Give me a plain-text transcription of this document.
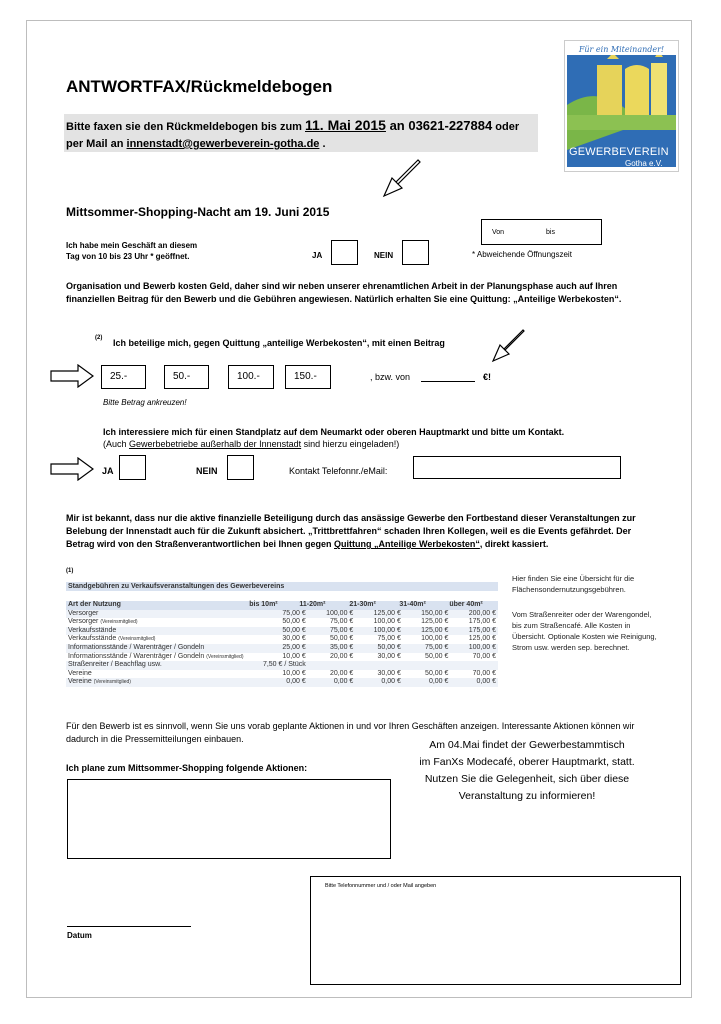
ANTWORTFAX/Rückmeldebogen
Bitte faxen sie den Rückmeldebogen bis zum 11. Mai 2015 an 03621-227884 oder
per Mail an innenstadt@gewerbeverein-gotha.de .
Für ein Miteinander!
GEWERBEVEREIN
Gotha e.V.
Mittsommer-Shopping-Nacht am 19. Juni 2015
Ich habe mein Geschäft an diesem
Tag von 10 bis 23 Uhr * geöffnet.	JA	NEIN
Von	bis
* Abweichende Öffnungszeit
Organisation und Bewerb kosten Geld, daher sind wir neben unserer ehrenamtlichen Arbeit in der Planungsphase auch auf Ihren finanziellen Beitrag für den Bewerb und die Gebühren angewiesen. Natürlich erhalten Sie eine Quittung: „Anteilige Werbekosten“.
(2) Ich beteilige mich, gegen Quittung „anteilige Werbekosten“, mit einen Beitrag
25.-	50.-	100.-	150.-	, bzw. von	€!
Bitte Betrag ankreuzen!
Ich interessiere mich für einen Standplatz auf dem Neumarkt oder oberen Hauptmarkt und bitte um Kontakt.
(Auch Gewerbebetriebe außerhalb der Innenstadt sind hierzu eingeladen!)
JA	NEIN	Kontakt Telefonnr./eMail:
Mir ist bekannt, dass nur die aktive finanzielle Beteiligung durch das ansässige Gewerbe den Fortbestand dieser Veranstaltungen zur Belebung der Innenstadt auch für die Zukunft absichert. „Trittbrettfahren“ schaden Ihren Kollegen, weil es die Events gefährdet. Der Betrag wird von den Straßenverantwortlichen bei Ihnen gegen Quittung „Anteilige Werbekosten“, direkt kassiert.
(1)
Standgebühren zu Verkaufsveranstaltungen des Gewerbevereins
Art der Nutzung	bis 10m²	11-20m²	21-30m²	31-40m²	über 40m²
Versorger	75,00 €	100,00 €	125,00 €	150,00 €	200,00 €
Versorger (Vereinsmitglied)	50,00 €	75,00 €	100,00 €	125,00 €	175,00 €
Verkaufsstände	50,00 €	75,00 €	100,00 €	125,00 €	175,00 €
Verkaufsstände (Vereinsmitglied)	30,00 €	50,00 €	75,00 €	100,00 €	125,00 €
Informationsstände / Warenträger / Gondeln	25,00 €	35,00 €	50,00 €	75,00 €	100,00 €
Informationsstände / Warenträger / Gondeln (Vereinsmitglied)	10,00 €	20,00 €	30,00 €	50,00 €	70,00 €
Straßenreiter / Beachflag usw.	7,50 € / Stück				
Vereine	10,00 €	20,00 €	30,00 €	50,00 €	70,00 €
Vereine (Vereinsmitglied)	0,00 €	0,00 €	0,00 €	0,00 €	0,00 €
Hier finden Sie eine Übersicht für die Flächensondernutzungsgebühren.
Vom Straßenreiter oder der Warengondel, bis zum Straßencafé. Alle Kosten in Übersicht. Optionale Kosten wie Reinigung, Strom usw. werden sep. berechnet.
Für den Bewerb ist es sinnvoll, wenn Sie uns vorab geplante Aktionen in und vor Ihren Geschäften anzeigen. Interessante Aktionen können wir dadurch in die Pressemitteilungen einbauen.	Am 04.Mai findet der Gewerbestammtisch
im FanXs Modecafé, oberer Hauptmarkt, statt.
Nutzen Sie die Gelegenheit, sich über diese
Veranstaltung zu informieren!
Ich plane zum Mittsommer-Shopping folgende Aktionen:
Bitte Telefonnummer und / oder Mail angeben
Datum
